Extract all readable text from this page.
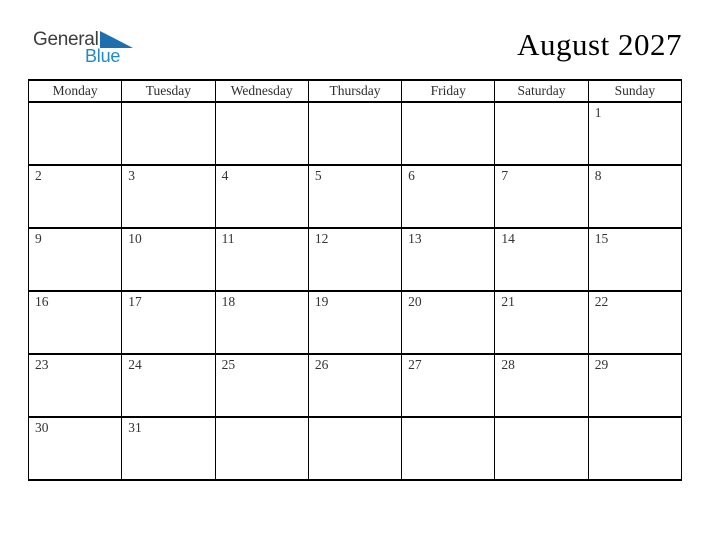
General
Blue	August 2027
Monday	Tuesday	Wednesday	Thursday	Friday	Saturday	Sunday
						1
2	3	4	5	6	7	8
9	10	11	12	13	14	15
16	17	18	19	20	21	22
23	24	25	26	27	28	29
30	31					
